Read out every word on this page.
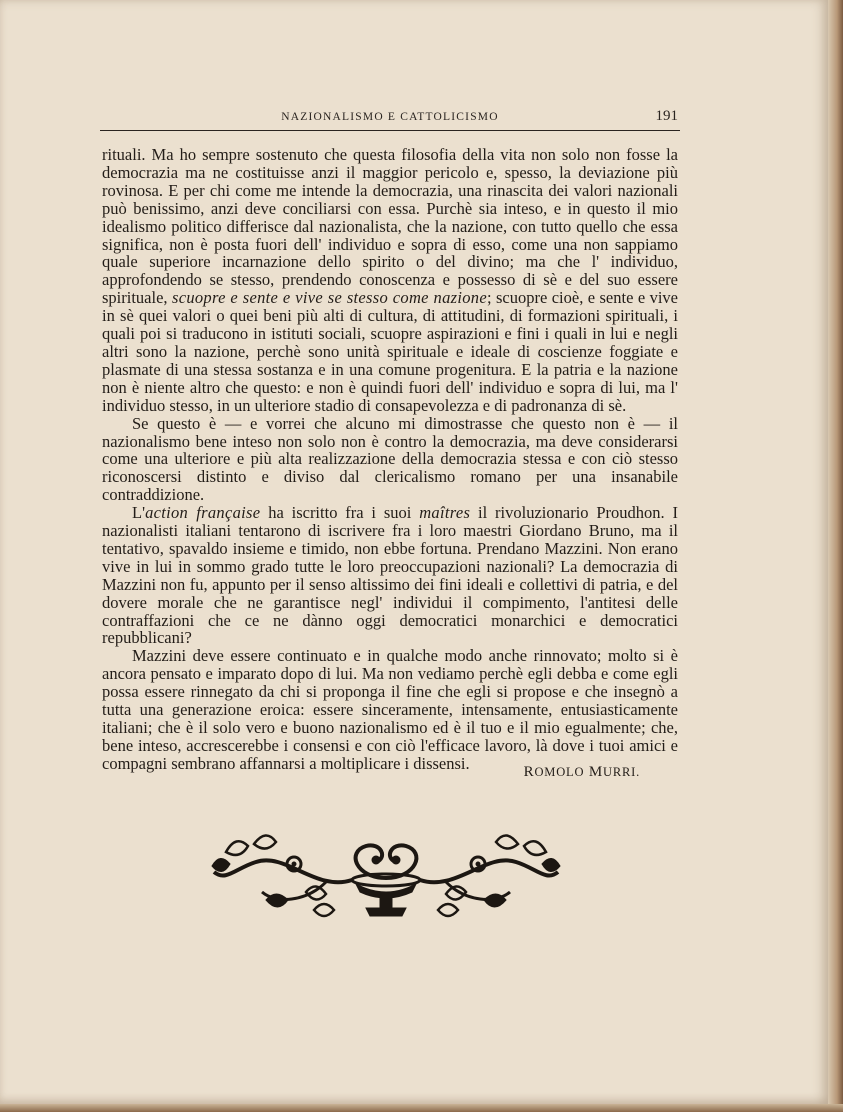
NAZIONALISMO E CATTOLICISMO	191

rituali. Ma ho sempre sostenuto che questa filosofia della vita non solo non fosse la democrazia ma ne costituisse anzi il maggior pericolo e, spesso, la deviazione più rovinosa. E per chi come me intende la democrazia, una rinascita dei valori nazionali può benissimo, anzi deve conciliarsi con essa. Purchè sia inteso, e in questo il mio idealismo politico differisce dal nazionalista, che la nazione, con tutto quello che essa significa, non è posta fuori dell' individuo e sopra di esso, come una non sappiamo quale superiore incarnazione dello spirito o del divino; ma che l' individuo, approfondendo se stesso, prendendo conoscenza e possesso di sè e del suo essere spirituale, scuopre e sente e vive se stesso come nazione; scuopre cioè, e sente e vive in sè quei valori o quei beni più alti di cultura, di attitudini, di formazioni spirituali, i quali poi si traducono in istituti sociali, scuopre aspirazioni e fini i quali in lui e negli altri sono la nazione, perchè sono unità spirituale e ideale di coscienze foggiate e plasmate di una stessa sostanza e in una comune progenitura. E la patria e la nazione non è niente altro che questo: e non è quindi fuori dell' individuo e sopra di lui, ma l' individuo stesso, in un ulteriore stadio di consapevolezza e di padronanza di sè.

Se questo è — e vorrei che alcuno mi dimostrasse che questo non è — il nazionalismo bene inteso non solo non è contro la democrazia, ma deve considerarsi come una ulteriore e più alta realizzazione della democrazia stessa e con ciò stesso riconoscersi distinto e diviso dal clericalismo romano per una insanabile contraddizione.

L'action française ha iscritto fra i suoi maîtres il rivoluzionario Proudhon. I nazionalisti italiani tentarono di iscrivere fra i loro maestri Giordano Bruno, ma il tentativo, spavaldo insieme e timido, non ebbe fortuna. Prendano Mazzini. Non erano vive in lui in sommo grado tutte le loro preoccupazioni nazionali? La democrazia di Mazzini non fu, appunto per il senso altissimo dei fini ideali e collettivi di patria, e del dovere morale che ne garantisce negl' individui il compimento, l'antitesi delle contraffazioni che ce ne dànno oggi democratici monarchici e democratici repubblicani?

Mazzini deve essere continuato e in qualche modo anche rinnovato; molto si è ancora pensato e imparato dopo di lui. Ma non vediamo perchè egli debba e come egli possa essere rinnegato da chi si proponga il fine che egli si propose e che insegnò a tutta una generazione eroica: essere sinceramente, intensamente, entusiasticamente italiani; che è il solo vero e buono nazionalismo ed è il tuo e il mio egualmente; che, bene inteso, accrescerebbe i consensi e con ciò l'efficace lavoro, là dove i tuoi amici e compagni sembrano affannarsi a moltiplicare i dissensi.	ROMOLO MURRI.
